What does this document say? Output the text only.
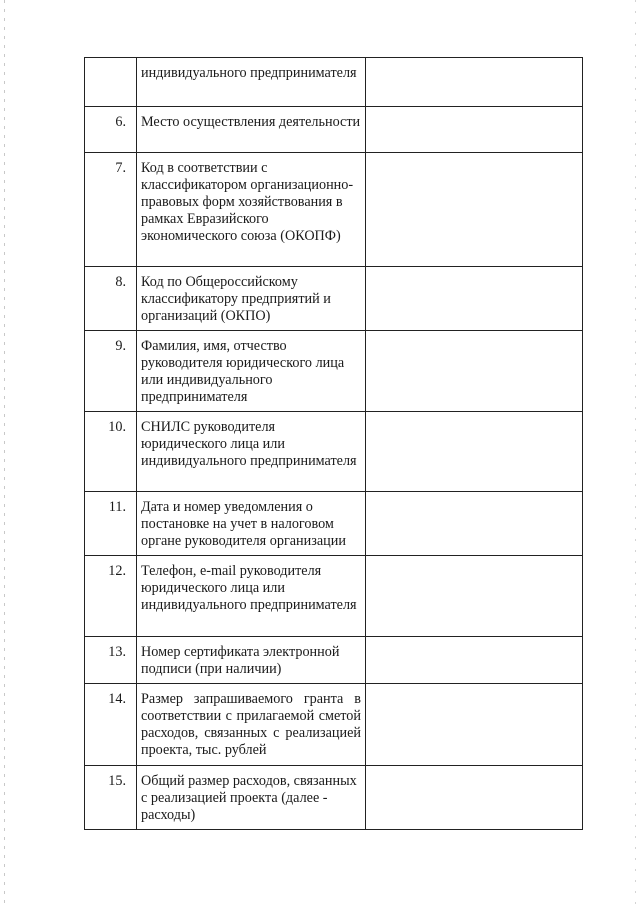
	индивидуального предпринимателя	
6.	Место осуществления деятельности	
7.	Код в соответствии с классификатором организационно-правовых форм хозяйствования в рамках Евразийского экономического союза (ОКОПФ)	
8.	Код по Общероссийскому классификатору предприятий и организаций (ОКПО)	
9.	Фамилия, имя, отчество руководителя юридического лица или индивидуального предпринимателя	
10.	СНИЛС руководителя юридического лица или индивидуального предпринимателя	
11.	Дата и номер уведомления о постановке на учет в налоговом органе руководителя организации	
12.	Телефон, e-mail руководителя юридического лица или индивидуального предпринимателя	
13.	Номер сертификата электронной подписи (при наличии)	
14.	Размер запрашиваемого гранта в соответствии с прилагаемой сметой расходов, связанных с реализацией проекта, тыс. рублей	
15.	Общий размер расходов, связанных с реализацией проекта (далее - расходы)	
